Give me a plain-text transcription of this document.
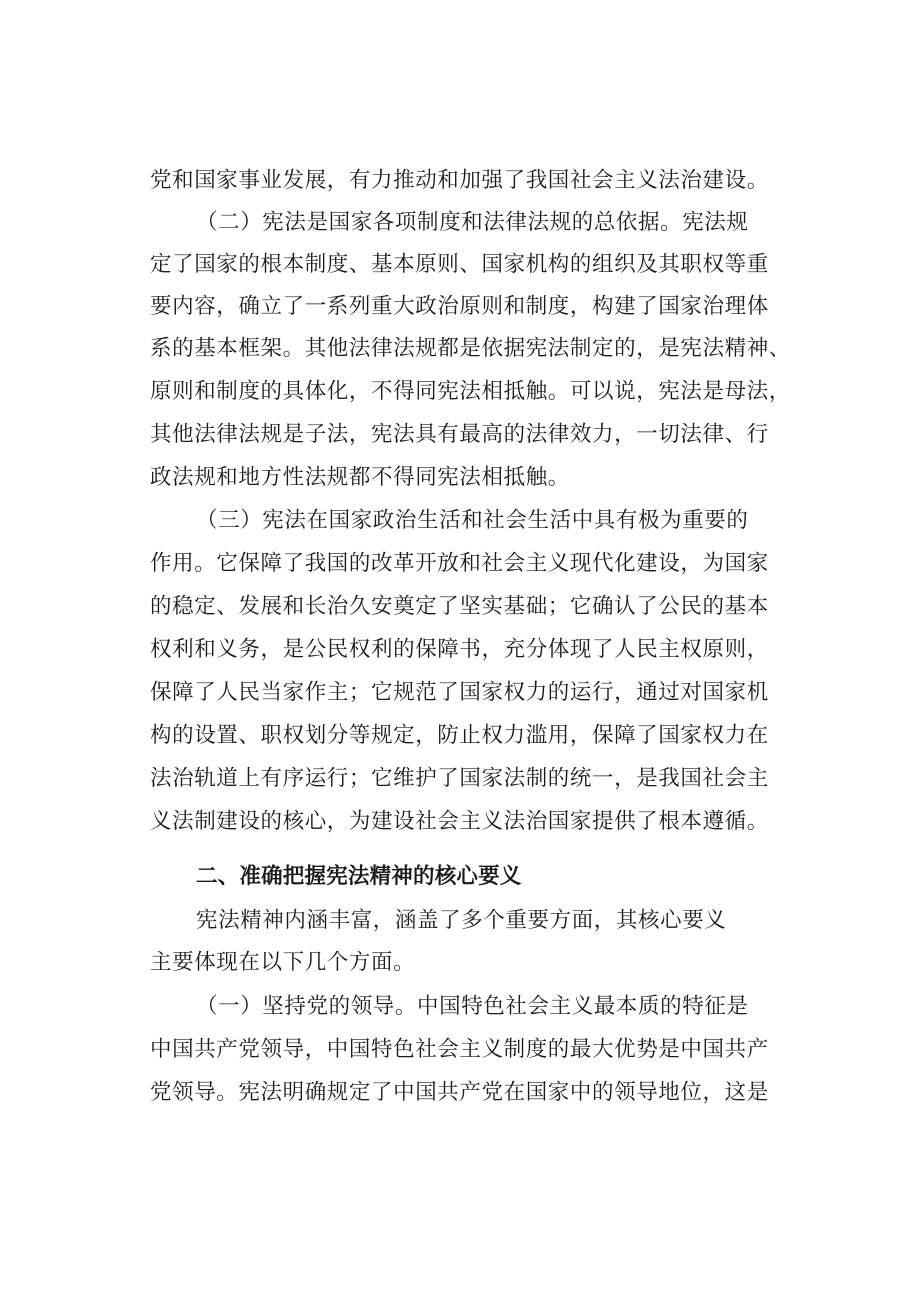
党和国家事业发展，有力推动和加强了我国社会主义法治建设。
（二）宪法是国家各项制度和法律法规的总依据。宪法规
定了国家的根本制度、基本原则、国家机构的组织及其职权等重
要内容，确立了一系列重大政治原则和制度，构建了国家治理体
系的基本框架。其他法律法规都是依据宪法制定的，是宪法精神、
原则和制度的具体化，不得同宪法相抵触。可以说，宪法是母法，
其他法律法规是子法，宪法具有最高的法律效力，一切法律、行
政法规和地方性法规都不得同宪法相抵触。
（三）宪法在国家政治生活和社会生活中具有极为重要的
作用。它保障了我国的改革开放和社会主义现代化建设，为国家
的稳定、发展和长治久安奠定了坚实基础；它确认了公民的基本
权利和义务，是公民权利的保障书，充分体现了人民主权原则，
保障了人民当家作主；它规范了国家权力的运行，通过对国家机
构的设置、职权划分等规定，防止权力滥用，保障了国家权力在
法治轨道上有序运行；它维护了国家法制的统一，是我国社会主
义法制建设的核心，为建设社会主义法治国家提供了根本遵循。
二、准确把握宪法精神的核心要义
宪法精神内涵丰富，涵盖了多个重要方面，其核心要义
主要体现在以下几个方面。
（一）坚持党的领导。中国特色社会主义最本质的特征是
中国共产党领导，中国特色社会主义制度的最大优势是中国共产
党领导。宪法明确规定了中国共产党在国家中的领导地位，这是
